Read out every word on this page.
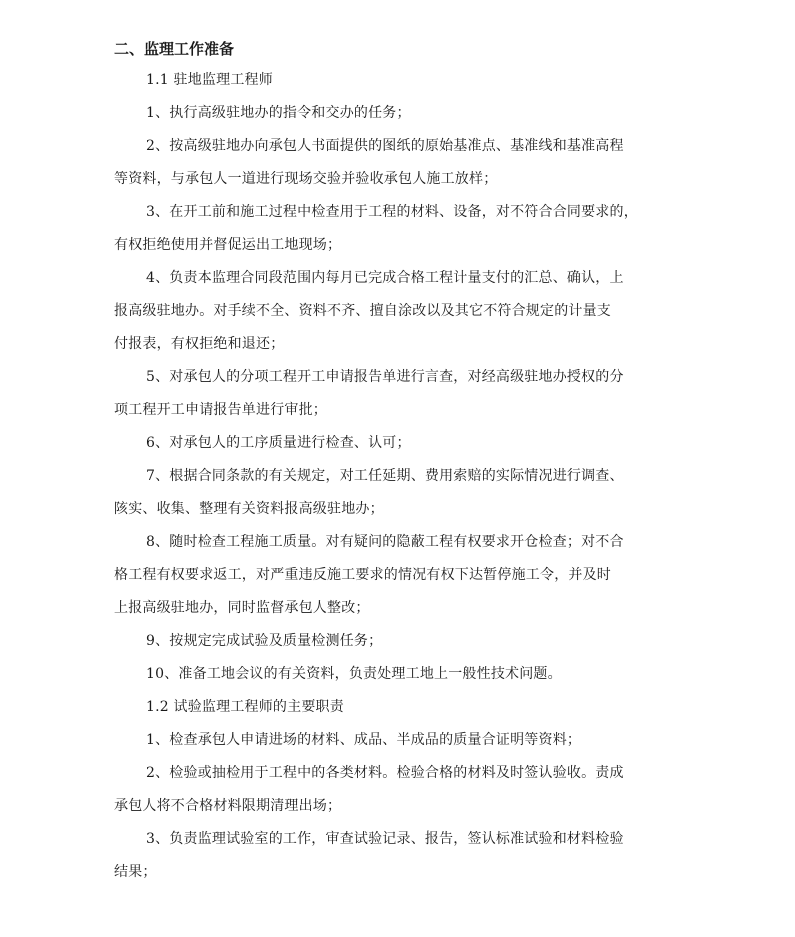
二、监理工作准备

1.1 驻地监理工程师

1、执行高级驻地办的指令和交办的任务；

2、按高级驻地办向承包人书面提供的图纸的原始基准点、基准线和基准高程
等资料，与承包人一道进行现场交验并验收承包人施工放样；

3、在开工前和施工过程中检查用于工程的材料、设备，对不符合合同要求的，
有权拒绝使用并督促运出工地现场；

4、负责本监理合同段范围内每月已完成合格工程计量支付的汇总、确认，上
报高级驻地办。对手续不全、资料不齐、擅自涂改以及其它不符合规定的计量支
付报表，有权拒绝和退还；

5、对承包人的分项工程开工申请报告单进行言查，对经高级驻地办授权的分
项工程开工申请报告单进行审批；

6、对承包人的工序质量进行检查、认可；

7、根据合同条款的有关规定，对工任延期、费用索赔的实际情况进行调查、
陔实、收集、整理有关资料报高级驻地办；

8、随时检查工程施工质量。对有疑问的隐蔽工程有权要求开仓检查；对不合
格工程有权要求返工，对严重违反施工要求的情况有权下达暂停施工令，并及时
上报高级驻地办，同时监督承包人整改；

9、按规定完成试验及质量检测任务；

10、准备工地会议的有关资料，负责处理工地上一般性技术问题。

1.2 试验监理工程师的主要职责

1、检查承包人申请进场的材料、成品、半成品的质量合证明等资料；

2、检验或抽检用于工程中的各类材料。检验合格的材料及时签认验收。责成
承包人将不合格材料限期清理出场；

3、负责监理试验室的工作，审查试验记录、报告，签认标准试验和材料检验
结果；
